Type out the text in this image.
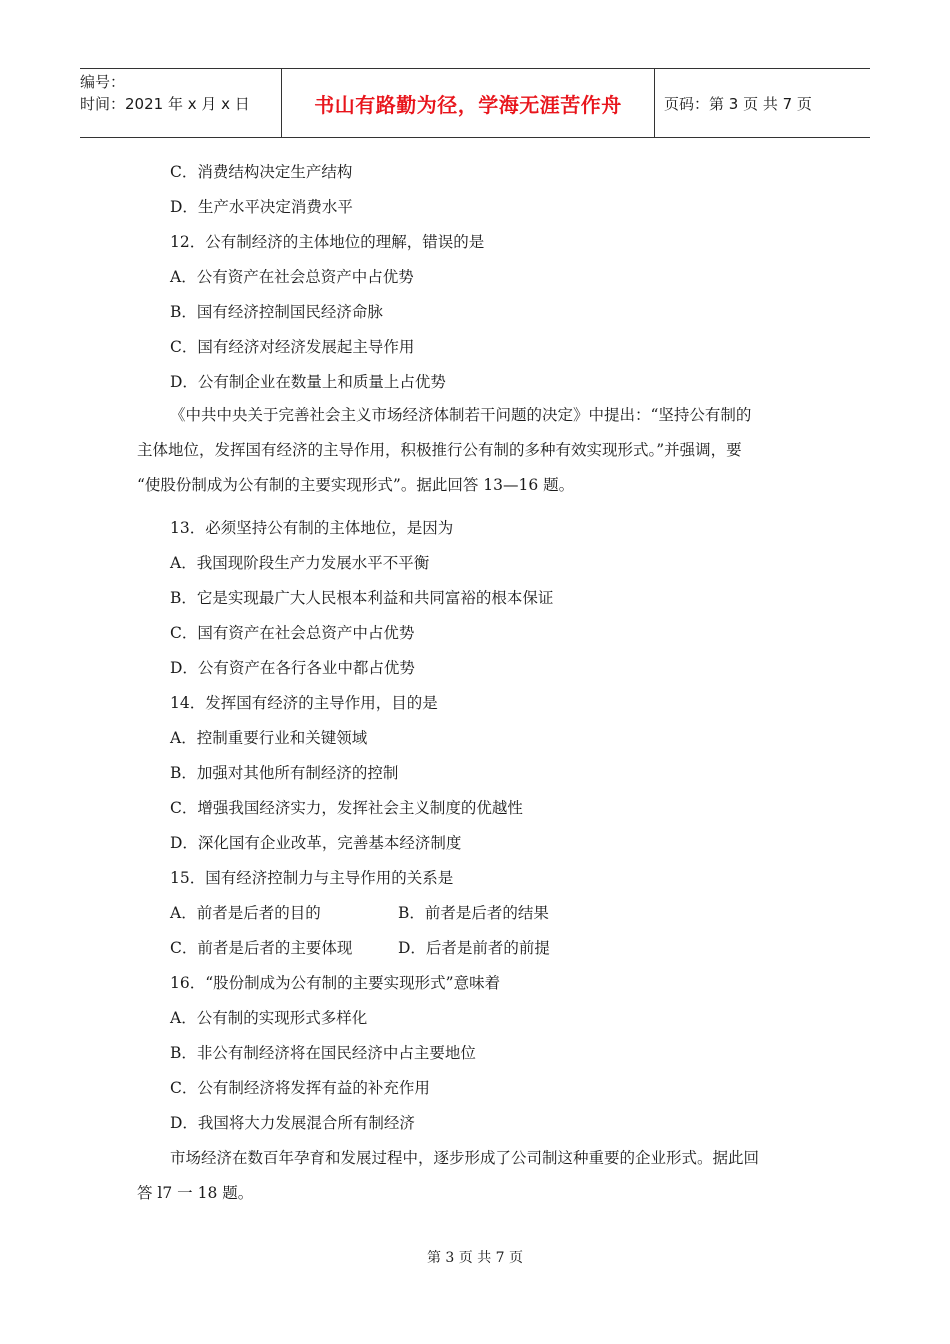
编号：
时间：2021 年 x 月 x 日	书山有路勤为径，学海无涯苦作舟	页码：第 3 页 共 7 页
C．消费结构决定生产结构
D．生产水平决定消费水平
12．公有制经济的主体地位的理解，错误的是
A．公有资产在社会总资产中占优势
B．国有经济控制国民经济命脉
C．国有经济对经济发展起主导作用
D．公有制企业在数量上和质量上占优势

《中共中央关于完善社会主义市场经济体制若干问题的决定》中提出：“坚持公有制的

主体地位，发挥国有经济的主导作用，积极推行公有制的多种有效实现形式。”并强调，要

“使股份制成为公有制的主要实现形式”。据此回答 13—16 题。

13．必须坚持公有制的主体地位，是因为
A．我国现阶段生产力发展水平不平衡
B．它是实现最广大人民根本利益和共同富裕的根本保证
C．国有资产在社会总资产中占优势
D．公有资产在各行各业中都占优势
14．发挥国有经济的主导作用，目的是
A．控制重要行业和关键领域
B．加强对其他所有制经济的控制
C．增强我国经济实力，发挥社会主义制度的优越性
D．深化国有企业改革，完善基本经济制度
15．国有经济控制力与主导作用的关系是
A．前者是后者的目的	B．前者是后者的结果
C．前者是后者的主要体现	D．后者是前者的前提
16．“股份制成为公有制的主要实现形式”意味着
A．公有制的实现形式多样化
B．非公有制经济将在国民经济中占主要地位
C．公有制经济将发挥有益的补充作用
D．我国将大力发展混合所有制经济

市场经济在数百年孕育和发展过程中，逐步形成了公司制这种重要的企业形式。据此回

答 l7 一 18 题。

第 3 页 共 7 页
